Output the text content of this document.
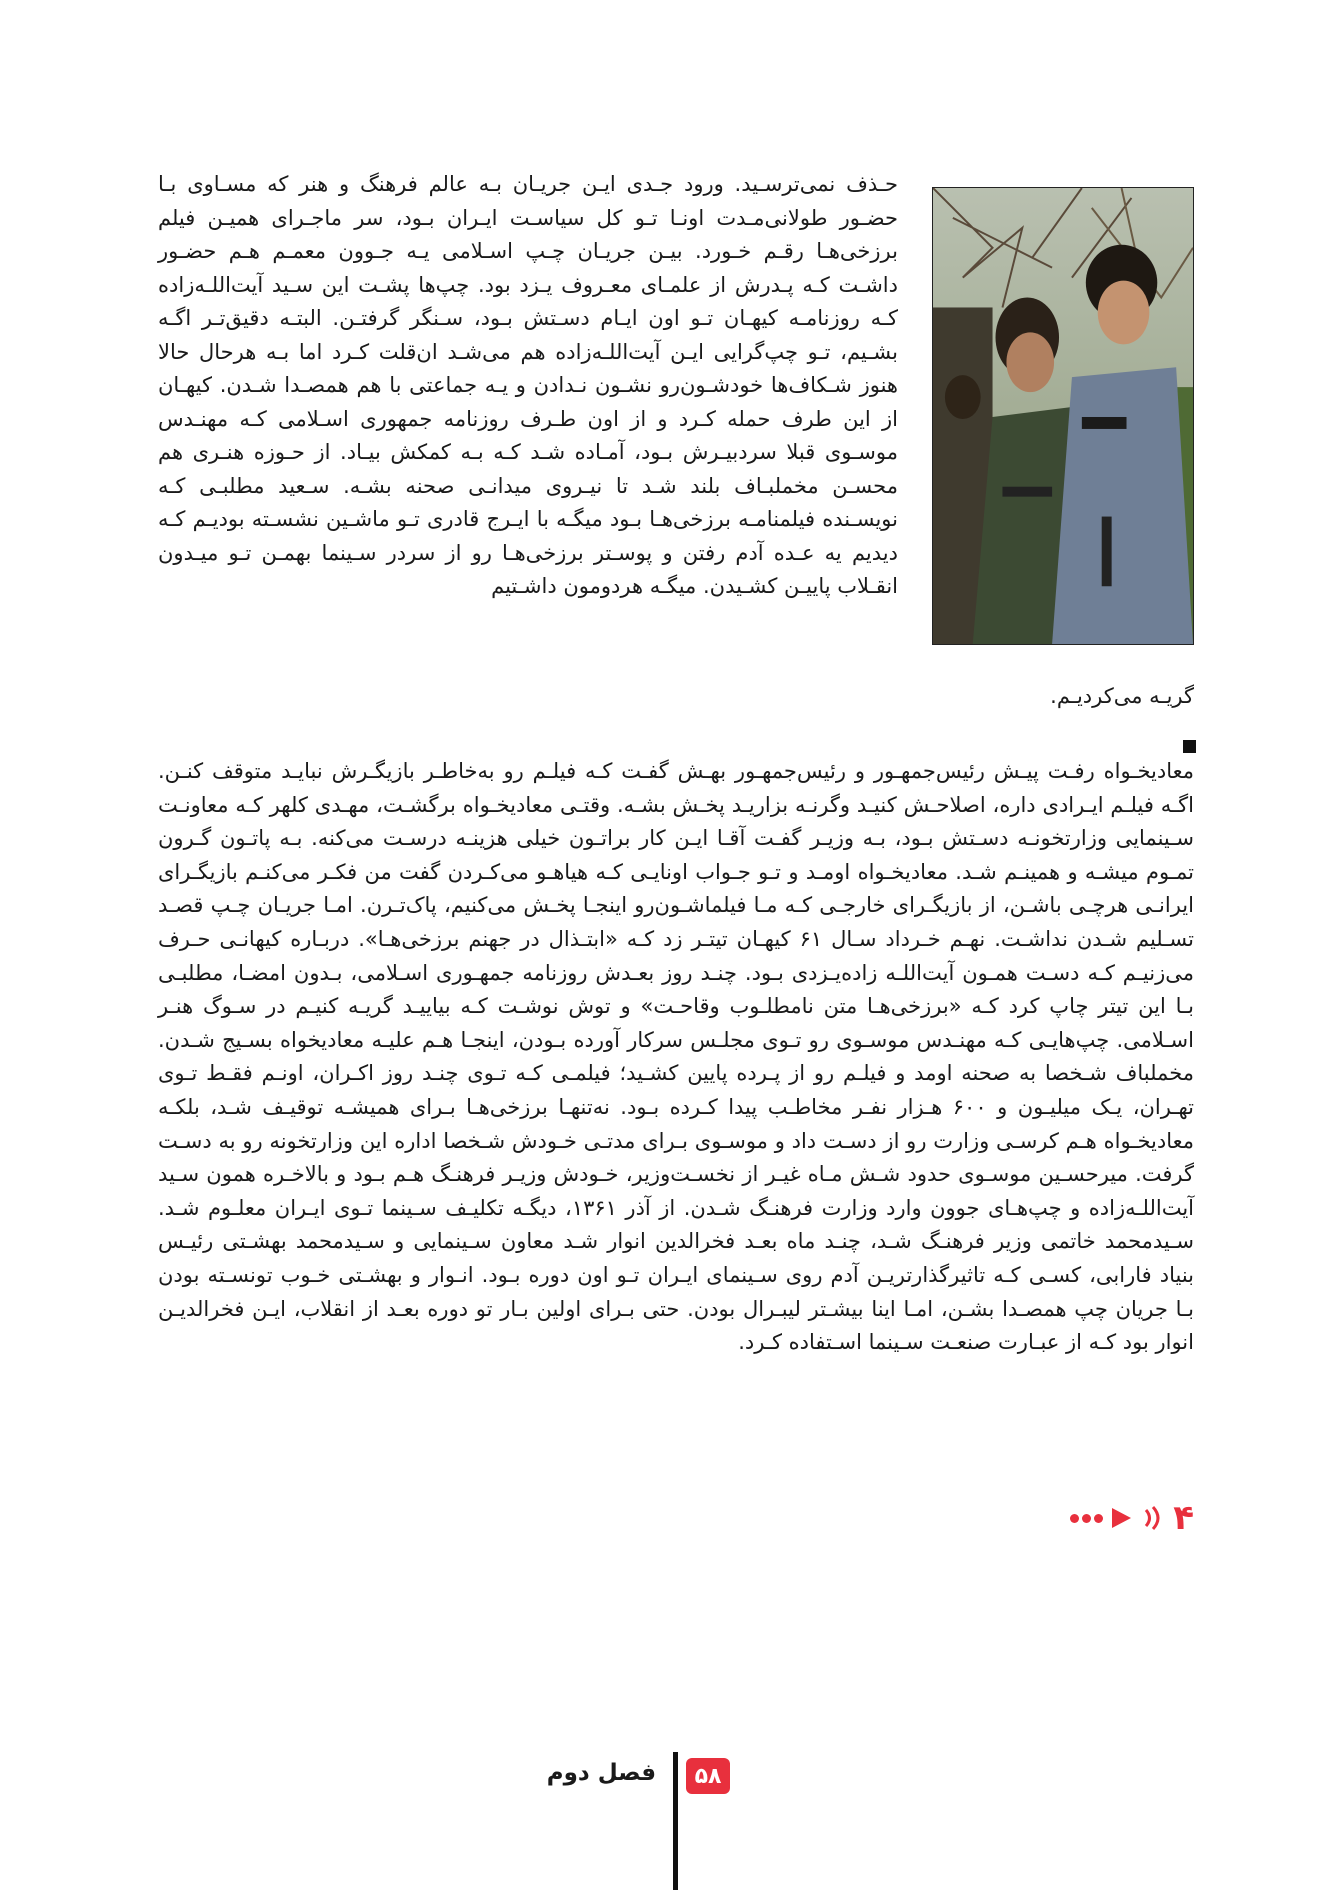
حـذف نمی‌ترسـید. ورود جـدی ایـن جریـان بـه عالم فرهنگ و هنر که مسـاوی بـا حضـور طولانی‌مـدت اونـا تـو کل سیاسـت ایـران بـود، سر ماجـرای همیـن فیلم برزخی‌هـا رقـم خـورد. بیـن جریـان چـپ اسـلامی یـه جـوون معمـم هـم حضـور داشـت کـه پـدرش از علمـای معـروف یـزد بود. چپ‌ها پشـت این سـید آیت‌اللـه‌زاده کـه روزنامـه کیهـان تـو اون ایـام دسـتش بـود، سـنگر گرفتـن. البتـه دقیق‌تـر اگـه بشـیم، تـو چپ‌گرایی ایـن آیت‌اللـه‌زاده هم می‌شـد ان‌قلت کـرد اما بـه هرحال حالا هنوز شـکاف‌ها خودشـون‌رو نشـون نـدادن و یـه جماعتی با هم همصـدا شـدن. کیهـان از این طرف حمله کـرد و از اون طـرف روزنامه جمهوری اسـلامی کـه مهنـدس موسـوی قبلا سردبیـرش بـود، آمـاده شـد کـه بـه کمکش بیـاد. از حـوزه هنـری هم محسـن مخملبـاف بلند شـد تا نیـروی میدانـی صحنه بشـه. سـعید مطلبـی کـه نویسـنده فیلمنامـه برزخی‌هـا بـود میگـه با ایـرج قادری تـو ماشـین نشسـته بودیـم کـه دیدیم یه عـده آدم رفتن و پوسـتر برزخی‌هـا رو از سردر سـینما بهمـن تـو میـدون انقـلاب پاییـن کشـیدن. میگـه هردومون داشـتیم

گریـه می‌کردیـم.

معادیخـواه رفـت پیـش رئیس‌جمهـور و رئیس‌جمهـور بهـش گفـت کـه فیلـم رو به‌خاطـر بازیگـرش نبایـد متوقف کنـن. اگـه فیلـم ایـرادی داره، اصلاحـش کنیـد وگرنـه بزاریـد پخـش بشـه. وقتـی معادیخـواه برگشـت، مهـدی کلهر کـه معاونـت سـینمایی وزارتخونـه دسـتش بـود، بـه وزیـر گفـت آقـا ایـن کار براتـون خیلی هزینـه درسـت می‌کنه. بـه پاتـون گـرون تمـوم میشـه و همینـم شـد. معادیخـواه اومـد و تـو جـواب اونایـی کـه هیاهـو می‌کـردن گفت من فکـر می‌کنـم بازیگـرای ایرانـی هرچـی باشـن، از بازیگـرای خارجـی کـه مـا فیلماشـون‌رو اینجـا پخـش می‌کنیم، پاک‌تـرن. امـا جریـان چـپ قصـد تسـلیم شـدن نداشـت. نهـم خـرداد سـال ۶۱ کیهـان تیتـر زد کـه «ابتـذال در جهنم برزخی‌هـا». دربـاره کیهانـی حـرف می‌زنیـم کـه دسـت همـون آیت‌اللـه زاده‌یـزدی بـود. چنـد روز بعـدش روزنامه جمهـوری اسـلامی، بـدون امضـا، مطلبـی بـا این تیتر چاپ کرد کـه «برزخی‌هـا متن نامطلـوب وقاحـت» و توش نوشـت کـه بیاییـد گریـه کنیـم در سـوگ هنـر اسـلامی. چپ‌هایـی کـه مهنـدس موسـوی رو تـوی مجلـس سرکار آورده بـودن، اینجـا هـم علیـه معادیخواه بسـیج شـدن. مخملباف شـخصا به صحنه اومد و فیلـم رو از پـرده پایین کشـید؛ فیلمـی کـه تـوی چنـد روز اکـران، اونـم فقـط تـوی تهـران، یـک میلیـون و ۶۰۰ هـزار نفـر مخاطـب پیدا کـرده بـود. نه‌تنهـا برزخی‌هـا بـرای همیشـه توقیـف شـد، بلکـه معادیخـواه هـم کرسـی وزارت رو از دسـت داد و موسـوی بـرای مدتـی خـودش شـخصا اداره این وزارتخونه رو به دسـت گرفت. میرحسـین موسـوی حدود شـش مـاه غیـر از نخسـت‌وزیر، خـودش وزیـر فرهنـگ هـم بـود و بالاخـره همون سـید آیت‌اللـه‌زاده و چپ‌هـای جوون وارد وزارت فرهنـگ شـدن. از آذر ۱۳۶۱، دیگـه تکلیـف سـینما تـوی ایـران معلـوم شـد. سـیدمحمد خاتمی وزیر فرهنـگ شـد، چنـد ماه بعـد فخرالدین انوار شـد معاون سـینمایی و سـیدمحمد بهشـتی رئیـس بنیاد فارابی، کسـی کـه تاثیرگذارتریـن آدم روی سـینمای ایـران تـو اون دوره بـود. انـوار و بهشـتی خـوب تونسـته بودن بـا جریان چپ همصـدا بشـن، امـا اینا بیشـتر لیبـرال بودن. حتی بـرای اولین بـار تو دوره بعـد از انقلاب، ایـن فخرالدیـن انوار بود کـه از عبـارت صنعـت سـینما اسـتفاده کـرد.

۴
فصل دوم	۵۸
